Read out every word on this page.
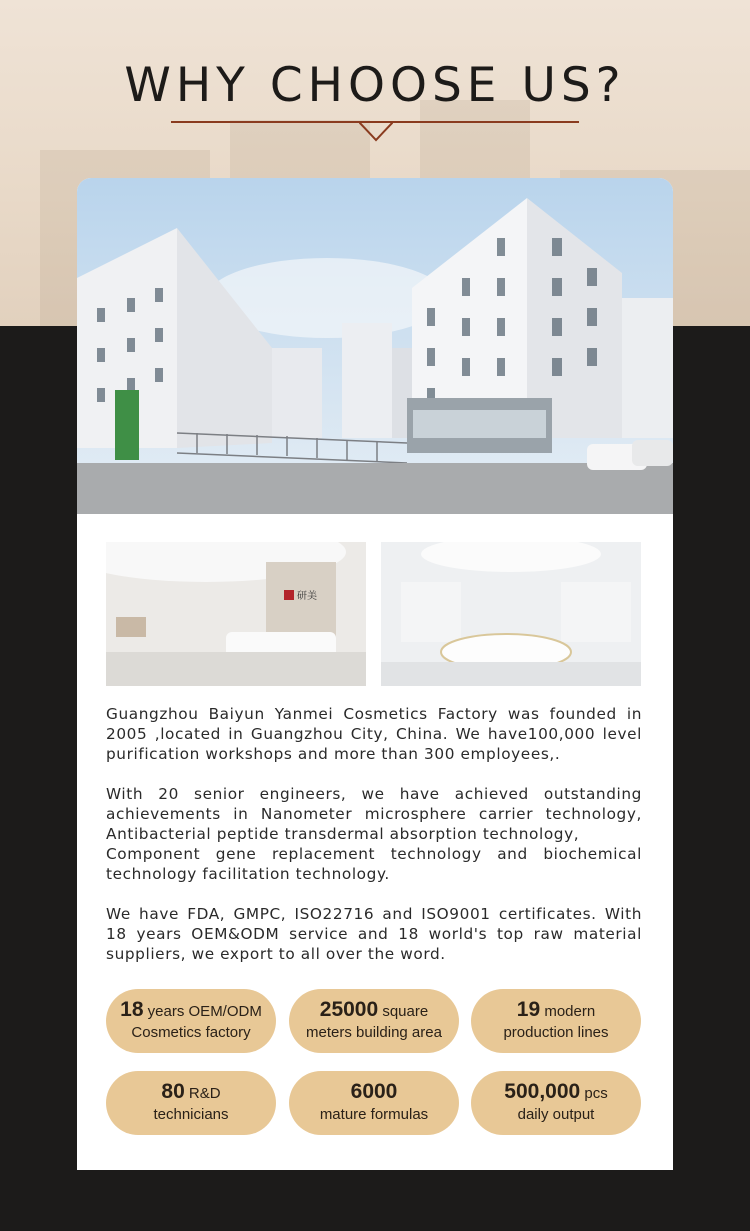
WHY CHOOSE US?
研美

Guangzhou Baiyun Yanmei Cosmetics Factory was founded in 2005 ,located in Guangzhou City, China. We have100,000 level purification workshops and more than 300 employees,.

With 20 senior engineers, we have achieved outstanding achievements in Nanometer microsphere carrier technology, Antibacterial peptide transdermal absorption technology,
Component gene replacement technology and biochemical technology facilitation technology.

We have FDA, GMPC, ISO22716 and ISO9001 certificates. With 18 years OEM&ODM service and 18 world's top raw material suppliers, we export to all over the word.

18 years OEM/ODM
Cosmetics factory
25000 square
meters building area
19 modern
production lines
80 R&D
technicians
6000
mature formulas
500,000 pcs
daily output
